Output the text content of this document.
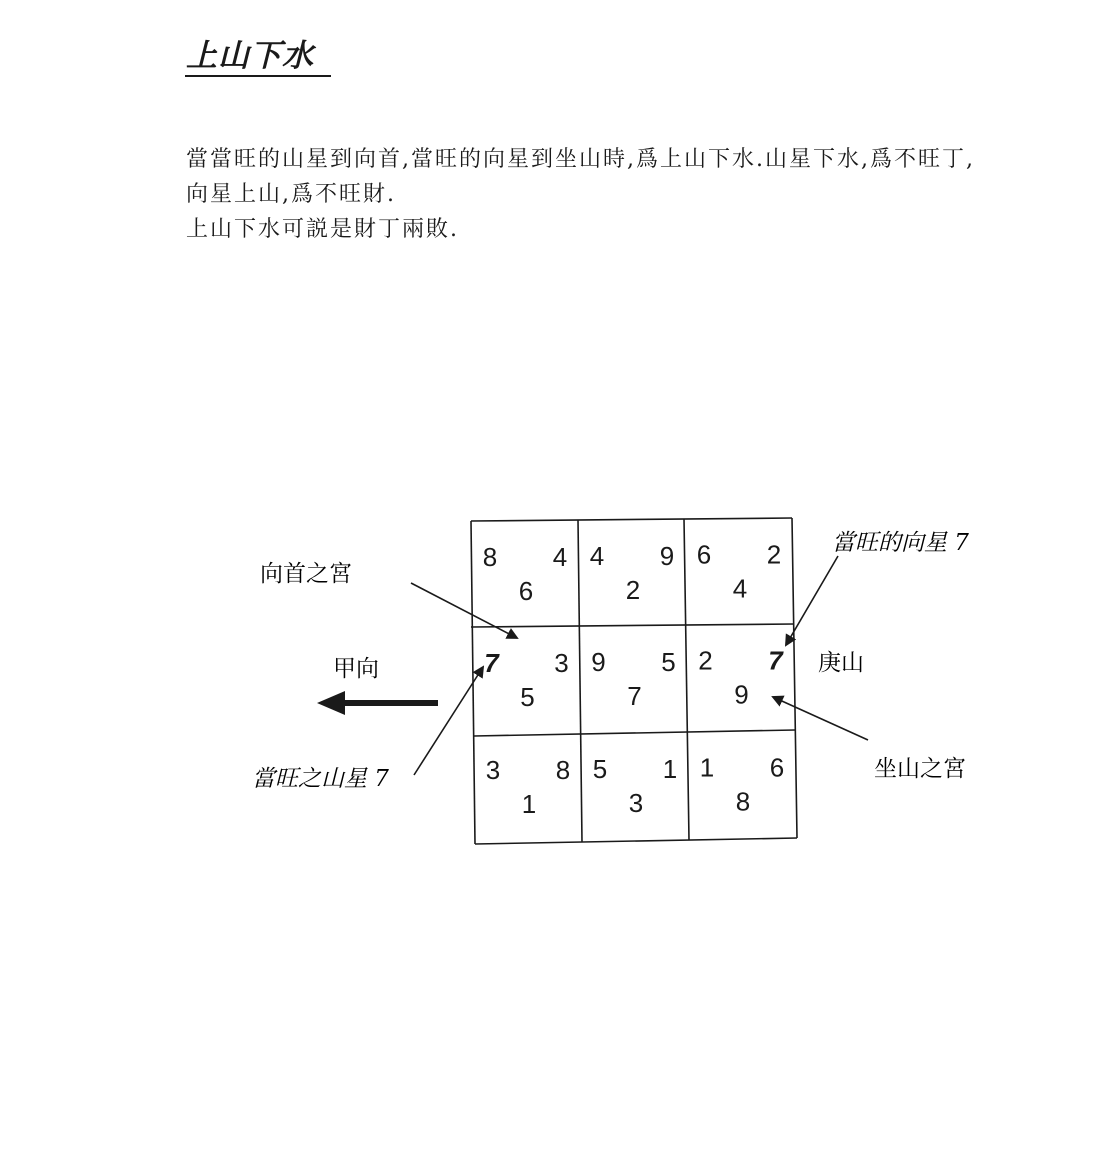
上山下水
當當旺的山星到向首,當旺的向星到坐山時,爲上山下水.山星下水,爲不旺丁,
向星上山,爲不旺財.
上山下水可説是財丁兩敗.
8 4
6
4 9
2
6 2
4
7 3
5
9 5
7
2 7
9
3 8
1
5 1
3
1 6
8
向首之宮
甲向
當旺之山星 7
當旺的向星 7
庚山
坐山之宮
